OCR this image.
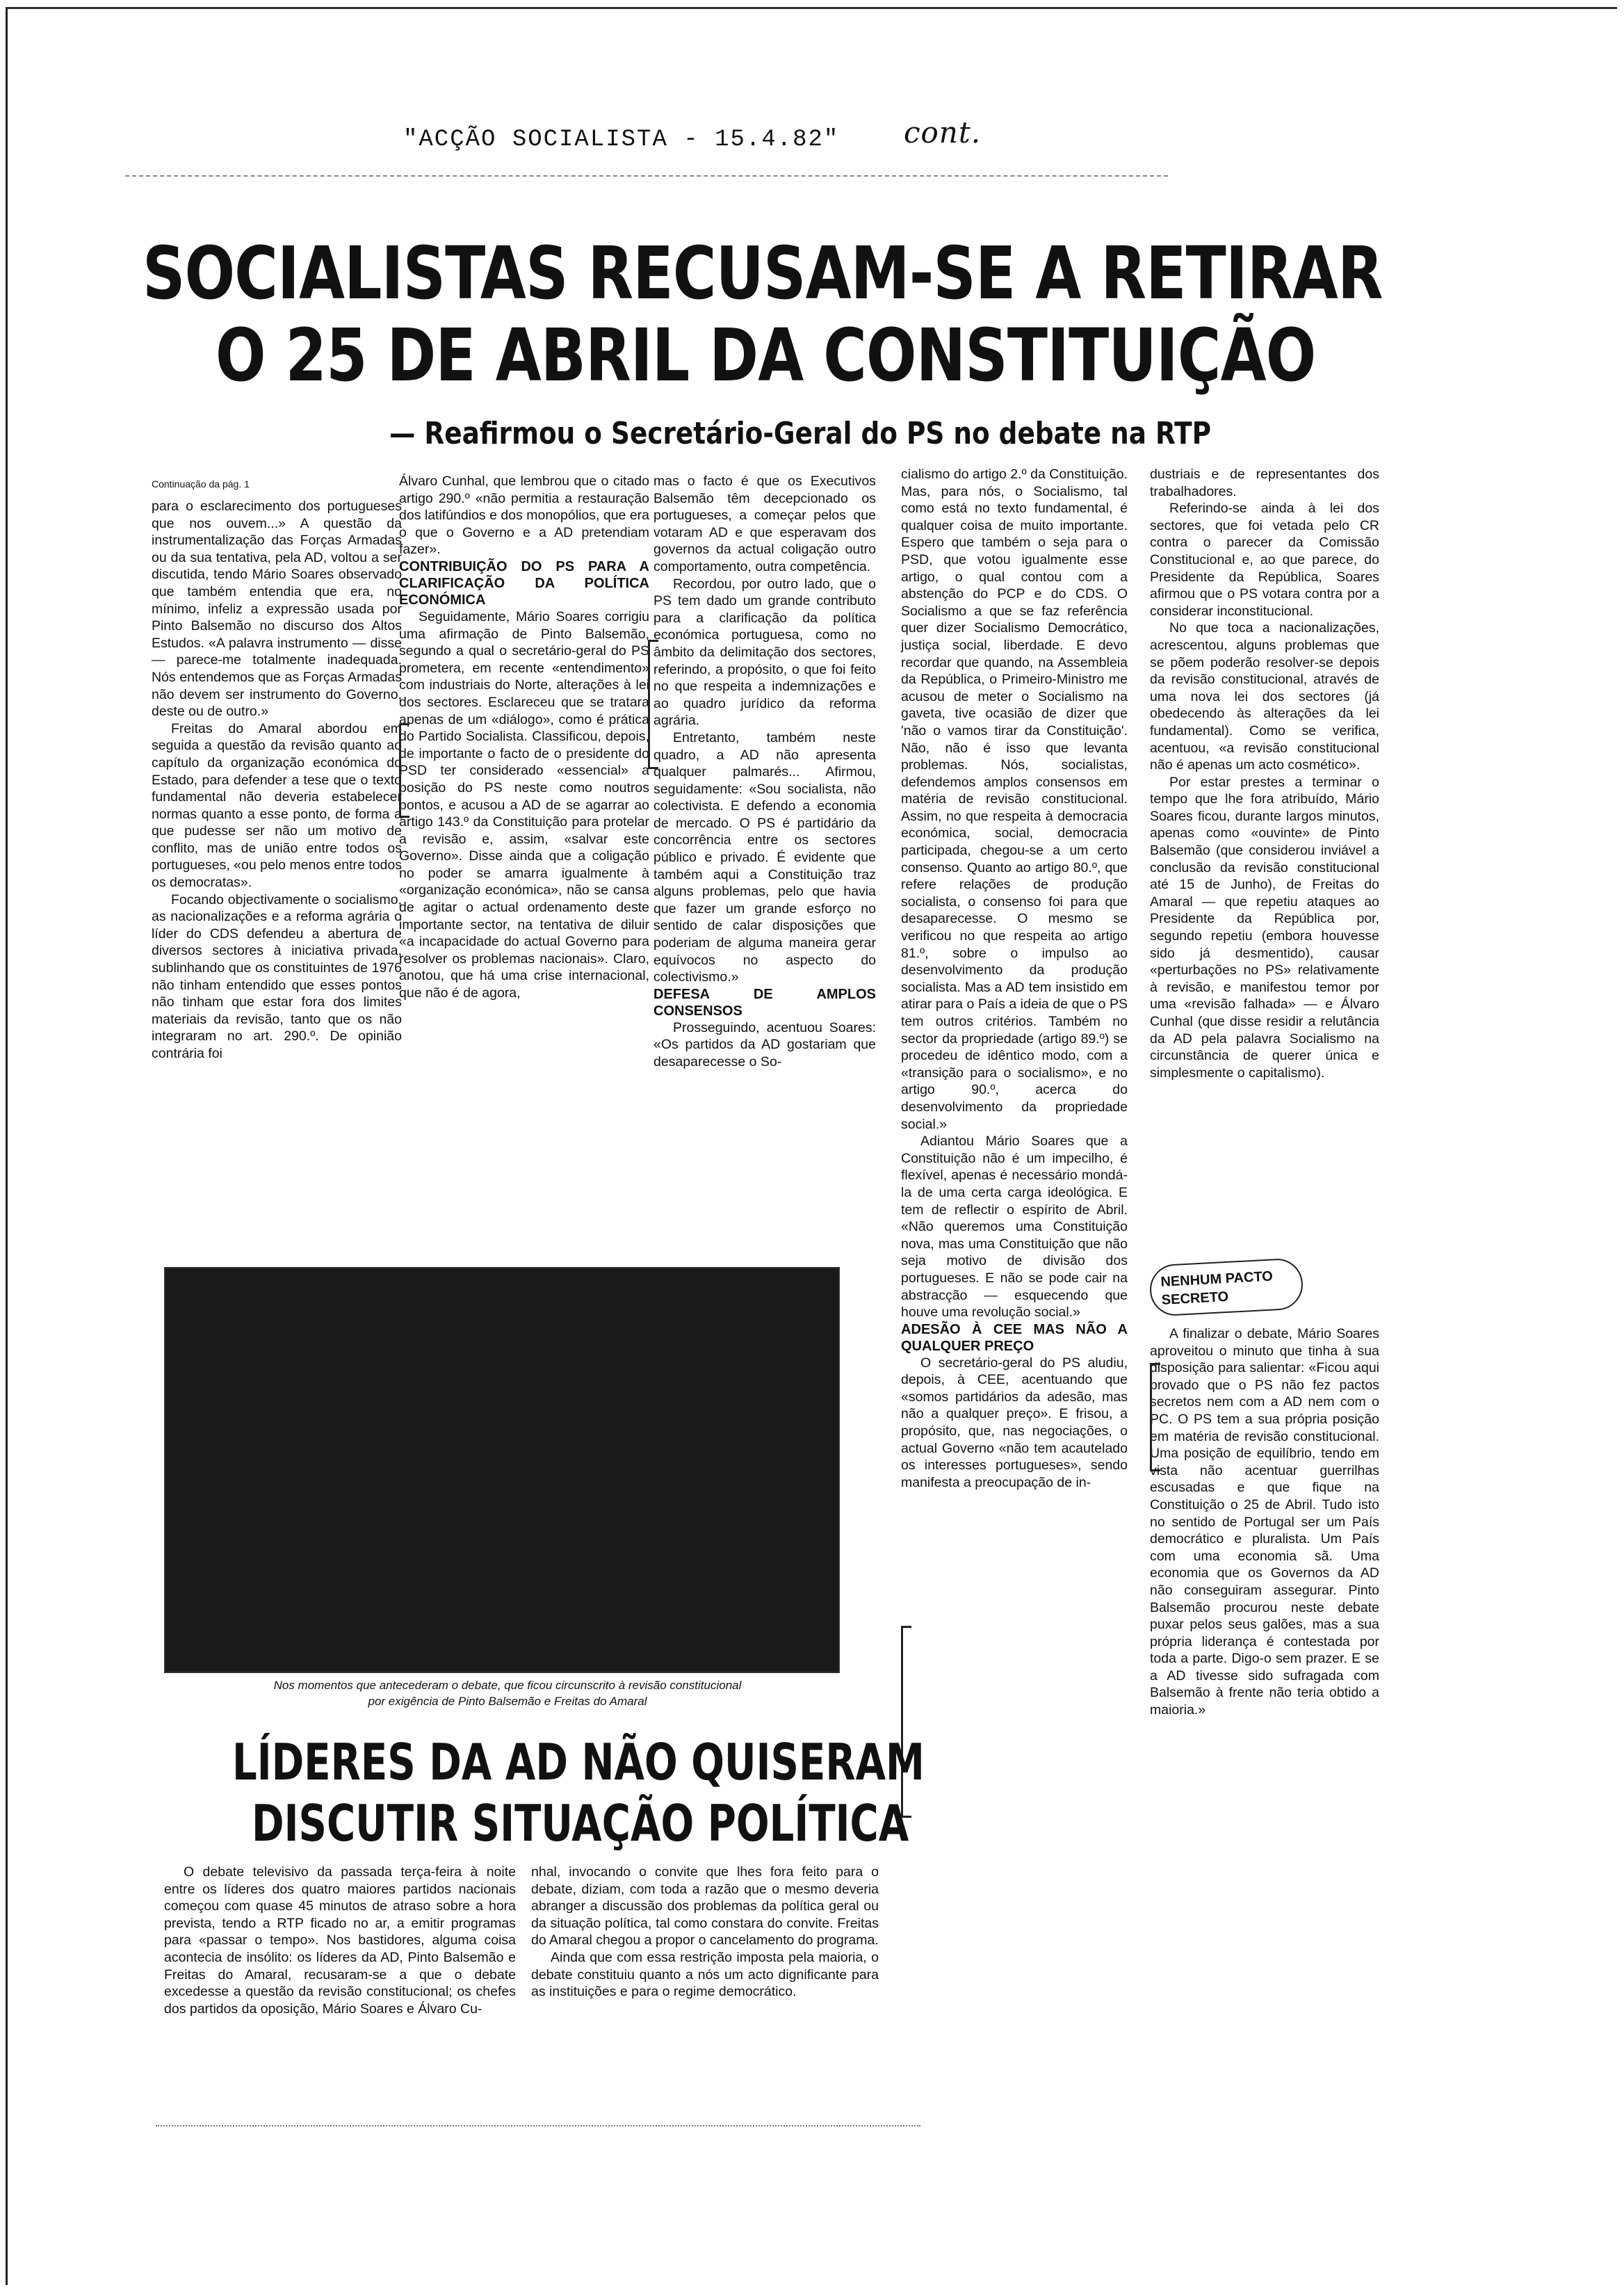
"ACÇÃO SOCIALISTA - 15.4.82" cont.
SOCIALISTAS RECUSAM-SE A RETIRAR
O 25 DE ABRIL DA CONSTITUIÇÃO
— Reafirmou o Secretário-Geral do PS no debate na RTP
Continuação da pág. 1

para o esclarecimento dos portugueses que nos ouvem...» A questão da instrumentalização das Forças Armadas ou da sua tentativa, pela AD, voltou a ser discutida, tendo Mário Soares observado que também entendia que era, no mínimo, infeliz a expressão usada por Pinto Balsemão no discurso dos Altos Estudos. «A palavra instrumento — disse — parece-me totalmente inadequada. Nós entendemos que as Forças Armadas não devem ser instrumento do Governo, deste ou de outro.»

Freitas do Amaral abordou em seguida a questão da revisão quanto ao capítulo da organização económica do Estado, para defender a tese que o texto fundamental não deveria estabelecer normas quanto a esse ponto, de forma a que pudesse ser não um motivo de conflito, mas de união entre todos os portugueses, «ou pelo menos entre todos os democratas».

Focando objectivamente o socialismo, as nacionalizações e a reforma agrária o líder do CDS defendeu a abertura de diversos sectores à iniciativa privada, sublinhando que os constituintes de 1976 não tinham entendido que esses pontos não tinham que estar fora dos limites materiais da revisão, tanto que os não integraram no art. 290.º. De opinião contrária foi

Álvaro Cunhal, que lembrou que o citado artigo 290.º «não permitia a restauração dos latifúndios e dos monopólios, que era o que o Governo e a AD pretendiam fazer».

CONTRIBUIÇÃO DO PS PARA A CLARIFICAÇÃO DA POLÍTICA ECONÓMICA

Seguidamente, Mário Soares corrigiu uma afirmação de Pinto Balsemão, segundo a qual o secretário-geral do PS prometera, em recente «entendimento» com industriais do Norte, alterações à lei dos sectores. Esclareceu que se tratara apenas de um «diálogo», como é prática do Partido Socialista. Classificou, depois, de importante o facto de o presidente do PSD ter considerado «essencial» a posição do PS neste como noutros pontos, e acusou a AD de se agarrar ao artigo 143.º da Constituição para protelar a revisão e, assim, «salvar este Governo». Disse ainda que a coligação no poder se amarra igualmente à «organização económica», não se cansa de agitar o actual ordenamento deste importante sector, na tentativa de diluir «a incapacidade do actual Governo para resolver os problemas nacionais». Claro, anotou, que há uma crise internacional, que não é de agora,

mas o facto é que os Executivos Balsemão têm decepcionado os portugueses, a começar pelos que votaram AD e que esperavam dos governos da actual coligação outro comportamento, outra competência.

Recordou, por outro lado, que o PS tem dado um grande contributo para a clarificação da política económica portuguesa, como no âmbito da delimitação dos sectores, referindo, a propósito, o que foi feito no que respeita a indemnizações e ao quadro jurídico da reforma agrária.

Entretanto, também neste quadro, a AD não apresenta qualquer palmarés... Afirmou, seguidamente: «Sou socialista, não colectivista. E defendo a economia de mercado. O PS é partidário da concorrência entre os sectores público e privado. É evidente que também aqui a Constituição traz alguns problemas, pelo que havia que fazer um grande esforço no sentido de calar disposições que poderiam de alguma maneira gerar equívocos no aspecto do colectivismo.»

DEFESA DE AMPLOS CONSENSOS

Prosseguindo, acentuou Soares: «Os partidos da AD gostariam que desaparecesse o So-

cialismo do artigo 2.º da Constituição. Mas, para nós, o Socialismo, tal como está no texto fundamental, é qualquer coisa de muito importante. Espero que também o seja para o PSD, que votou igualmente esse artigo, o qual contou com a abstenção do PCP e do CDS. O Socialismo a que se faz referência quer dizer Socialismo Democrático, justiça social, liberdade. E devo recordar que quando, na Assembleia da República, o Primeiro-Ministro me acusou de meter o Socialismo na gaveta, tive ocasião de dizer que 'não o vamos tirar da Constituição'. Não, não é isso que levanta problemas. Nós, socialistas, defendemos amplos consensos em matéria de revisão constitucional. Assim, no que respeita à democracia económica, social, democracia participada, chegou-se a um certo consenso. Quanto ao artigo 80.º, que refere relações de produção socialista, o consenso foi para que desaparecesse. O mesmo se verificou no que respeita ao artigo 81.º, sobre o impulso ao desenvolvimento da produção socialista. Mas a AD tem insistido em atirar para o País a ideia de que o PS tem outros critérios. Também no sector da propriedade (artigo 89.º) se procedeu de idêntico modo, com a «transição para o socialismo», e no artigo 90.º, acerca do desenvolvimento da propriedade social.»

Adiantou Mário Soares que a Constituição não é um impecilho, é flexível, apenas é necessário mondá-la de uma certa carga ideológica. E tem de reflectir o espírito de Abril. «Não queremos uma Constituição nova, mas uma Constituição que não seja motivo de divisão dos portugueses. E não se pode cair na abstracção — esquecendo que houve uma revolução social.»

ADESÃO À CEE MAS NÃO A QUALQUER PREÇO

O secretário-geral do PS aludiu, depois, à CEE, acentuando que «somos partidários da adesão, mas não a qualquer preço». E frisou, a propósito, que, nas negociações, o actual Governo «não tem acautelado os interesses portugueses», sendo manifesta a preocupação de in-

dustriais e de representantes dos trabalhadores.

Referindo-se ainda à lei dos sectores, que foi vetada pelo CR contra o parecer da Comissão Constitucional e, ao que parece, do Presidente da República, Soares afirmou que o PS votara contra por a considerar inconstitucional.

No que toca a nacionalizações, acrescentou, alguns problemas que se põem poderão resolver-se depois da revisão constitucional, através de uma nova lei dos sectores (já obedecendo às alterações da lei fundamental). Como se verifica, acentuou, «a revisão constitucional não é apenas um acto cosmético».

Por estar prestes a terminar o tempo que lhe fora atribuído, Mário Soares ficou, durante largos minutos, apenas como «ouvinte» de Pinto Balsemão (que considerou inviável a conclusão da revisão constitucional até 15 de Junho), de Freitas do Amaral — que repetiu ataques ao Presidente da República por, segundo repetiu (embora houvesse sido já desmentido), causar «perturbações no PS» relativamente à revisão, e manifestou temor por uma «revisão falhada» — e Álvaro Cunhal (que disse residir a relutância da AD pela palavra Socialismo na circunstância de querer única e simplesmente o capitalismo).

NENHUM PACTO SECRETO

A finalizar o debate, Mário Soares aproveitou o minuto que tinha à sua disposição para salientar: «Ficou aqui provado que o PS não fez pactos secretos nem com a AD nem com o PC. O PS tem a sua própria posição em matéria de revisão constitucional. Uma posição de equilíbrio, tendo em vista não acentuar guerrilhas escusadas e que fique na Constituição o 25 de Abril. Tudo isto no sentido de Portugal ser um País democrático e pluralista. Um País com uma economia sã. Uma economia que os Governos da AD não conseguiram assegurar. Pinto Balsemão procurou neste debate puxar pelos seus galões, mas a sua própria liderança é contestada por toda a parte. Digo-o sem prazer. E se a AD tivesse sido sufragada com Balsemão à frente não teria obtido a maioria.»

Nos momentos que antecederam o debate, que ficou circunscrito à revisão constitucional
por exigência de Pinto Balsemão e Freitas do Amaral
LÍDERES DA AD NÃO QUISERAM
DISCUTIR SITUAÇÃO POLÍTICA

O debate televisivo da passada terça-feira à noite entre os líderes dos quatro maiores partidos nacionais começou com quase 45 minutos de atraso sobre a hora prevista, tendo a RTP ficado no ar, a emitir programas para «passar o tempo». Nos bastidores, alguma coisa acontecia de insólito: os líderes da AD, Pinto Balsemão e Freitas do Amaral, recusaram-se a que o debate excedesse a questão da revisão constitucional; os chefes dos partidos da oposição, Mário Soares e Álvaro Cu-

nhal, invocando o convite que lhes fora feito para o debate, diziam, com toda a razão que o mesmo deveria abranger a discussão dos problemas da política geral ou da situação política, tal como constara do convite. Freitas do Amaral chegou a propor o cancelamento do programa.

Ainda que com essa restrição imposta pela maioria, o debate constituiu quanto a nós um acto dignificante para as instituições e para o regime democrático.
